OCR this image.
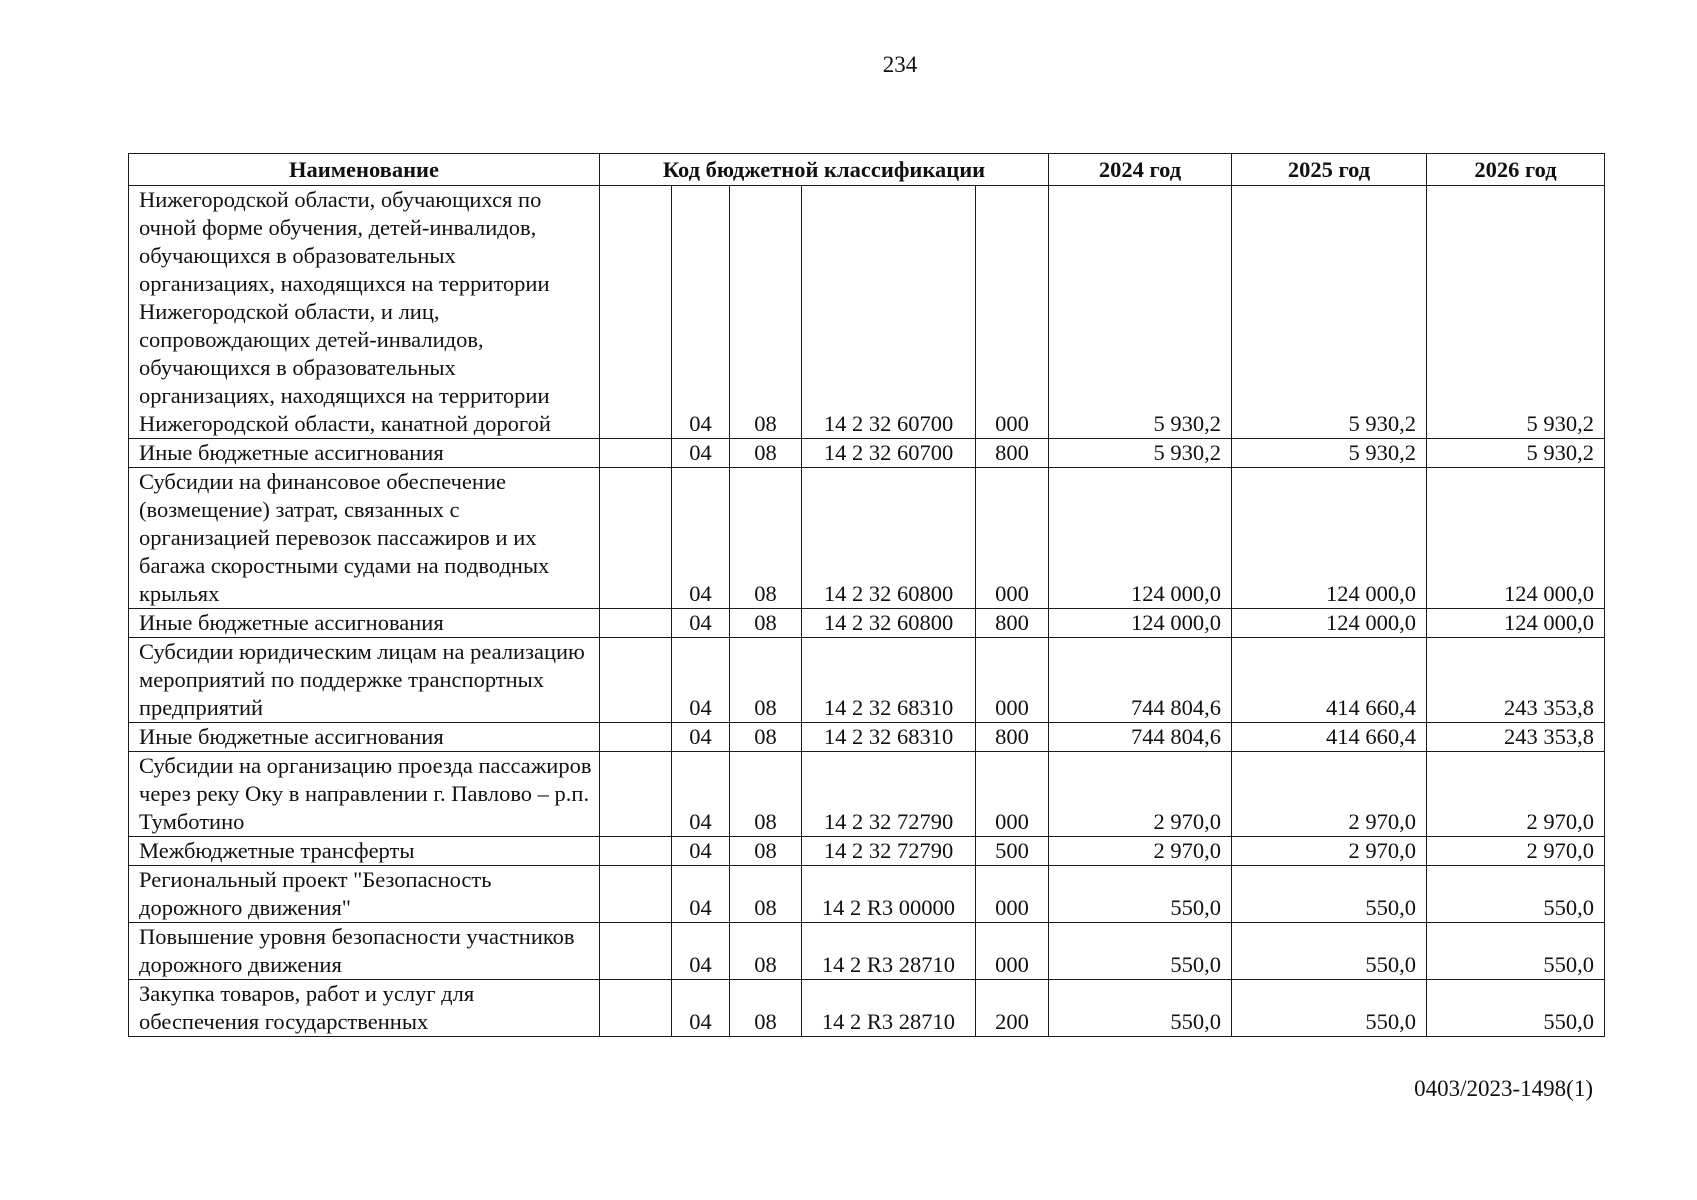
234
Наименование	Код бюджетной классификации					2024 год	2025 год	2026 год
Нижегородской области, обучающихся по очной форме обучения, детей-инвалидов, обучающихся в образовательных организациях, находящихся на территории Нижегородской области, и лиц, сопровождающих детей-инвалидов, обучающихся в образовательных организациях, находящихся на территории Нижегородской области, канатной дорогой		04	08	14 2 32 60700	000	5 930,2	5 930,2	5 930,2
Иные бюджетные ассигнования		04	08	14 2 32 60700	800	5 930,2	5 930,2	5 930,2
Субсидии на финансовое обеспечение (возмещение) затрат, связанных с организацией перевозок пассажиров и их багажа скоростными судами на подводных крыльях		04	08	14 2 32 60800	000	124 000,0	124 000,0	124 000,0
Иные бюджетные ассигнования		04	08	14 2 32 60800	800	124 000,0	124 000,0	124 000,0
Субсидии юридическим лицам на реализацию мероприятий по поддержке транспортных предприятий		04	08	14 2 32 68310	000	744 804,6	414 660,4	243 353,8
Иные бюджетные ассигнования		04	08	14 2 32 68310	800	744 804,6	414 660,4	243 353,8
Субсидии на организацию проезда пассажиров через реку Оку в направлении г. Павлово – р.п. Тумботино		04	08	14 2 32 72790	000	2 970,0	2 970,0	2 970,0
Межбюджетные трансферты		04	08	14 2 32 72790	500	2 970,0	2 970,0	2 970,0
Региональный проект "Безопасность дорожного движения"		04	08	14 2 R3 00000	000	550,0	550,0	550,0
Повышение уровня безопасности участников дорожного движения		04	08	14 2 R3 28710	000	550,0	550,0	550,0
Закупка товаров, работ и услуг для обеспечения государственных		04	08	14 2 R3 28710	200	550,0	550,0	550,0
0403/2023-1498(1)
